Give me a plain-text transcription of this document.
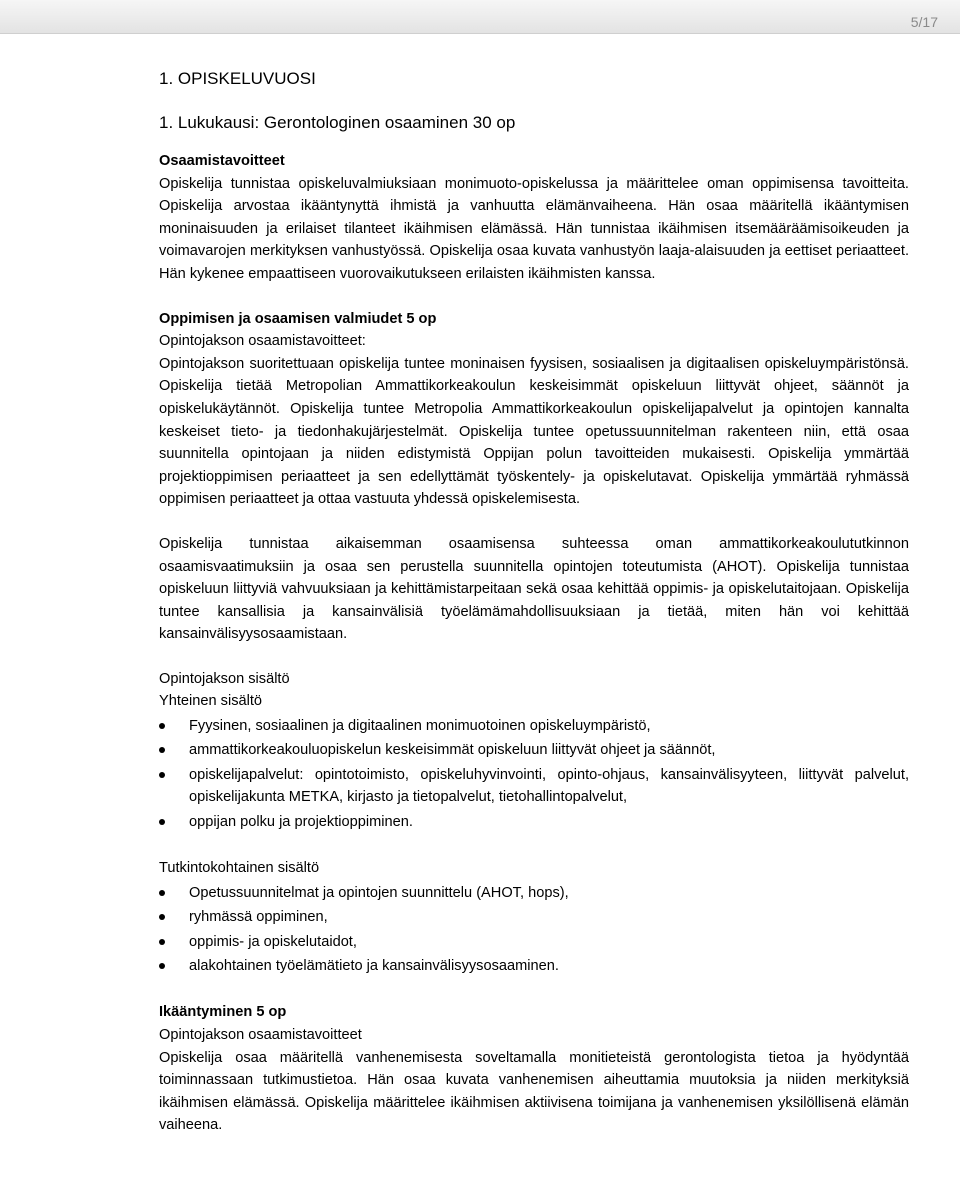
5/17
1. OPISKELUVUOSI
1. Lukukausi: Gerontologinen osaaminen 30 op
Osaamistavoitteet

Opiskelija tunnistaa opiskeluvalmiuksiaan monimuoto-opiskelussa ja määrittelee oman oppimisensa tavoitteita. Opiskelija arvostaa ikääntynyttä ihmistä ja vanhuutta elämänvaiheena. Hän osaa määritellä ikääntymisen moninaisuuden ja erilaiset tilanteet ikäihmisen elämässä. Hän tunnistaa ikäihmisen itsemääräämisoikeuden ja voimavarojen merkityksen vanhustyössä. Opiskelija osaa kuvata vanhustyön laaja-alaisuuden ja eettiset periaatteet. Hän kykenee empaattiseen vuorovaikutukseen erilaisten ikäihmisten kanssa.

Oppimisen ja osaamisen valmiudet 5 op
Opintojakson osaamistavoitteet:

Opintojakson suoritettuaan opiskelija tuntee moninaisen fyysisen, sosiaalisen ja digitaalisen opiskeluympäristönsä. Opiskelija tietää Metropolian Ammattikorkeakoulun keskeisimmät opiskeluun liittyvät ohjeet, säännöt ja opiskelukäytännöt. Opiskelija tuntee Metropolia Ammattikorkeakoulun opiskelijapalvelut ja opintojen kannalta keskeiset tieto- ja tiedonhakujärjestelmät. Opiskelija tuntee opetussuunnitelman rakenteen niin, että osaa suunnitella opintojaan ja niiden edistymistä Oppijan polun tavoitteiden mukaisesti. Opiskelija ymmärtää projektioppimisen periaatteet ja sen edellyttämät työskentely- ja opiskelutavat. Opiskelija ymmärtää ryhmässä oppimisen periaatteet ja ottaa vastuuta yhdessä opiskelemisesta.

Opiskelija tunnistaa aikaisemman osaamisensa suhteessa oman ammattikorkeakoulututkinnon osaamisvaatimuksiin ja osaa sen perustella suunnitella opintojen toteutumista (AHOT). Opiskelija tunnistaa opiskeluun liittyviä vahvuuksiaan ja kehittämistarpeitaan sekä osaa kehittää oppimis- ja opiskelutaitojaan. Opiskelija tuntee kansallisia ja kansainvälisiä työelämämahdollisuuksiaan ja tietää, miten hän voi kehittää kansainvälisyysosaamistaan.

Opintojakson sisältö
Yhteinen sisältö
Fyysinen, sosiaalinen ja digitaalinen monimuotoinen opiskeluympäristö,
ammattikorkeakouluopiskelun keskeisimmät opiskeluun liittyvät ohjeet ja säännöt,
opiskelijapalvelut: opintotoimisto, opiskeluhyvinvointi, opinto-ohjaus, kansainvälisyyteen, liittyvät palvelut, opiskelijakunta METKA, kirjasto ja tietopalvelut, tietohallintopalvelut,
oppijan polku ja projektioppiminen.
Tutkintokohtainen sisältö
Opetussuunnitelmat ja opintojen suunnittelu (AHOT, hops),
ryhmässä oppiminen,
oppimis- ja opiskelutaidot,
alakohtainen työelämätieto ja kansainvälisyysosaaminen.
Ikääntyminen 5 op
Opintojakson osaamistavoitteet

Opiskelija osaa määritellä vanhenemisesta soveltamalla monitieteistä gerontologista tietoa ja hyödyntää toiminnassaan tutkimustietoa. Hän osaa kuvata vanhenemisen aiheuttamia muutoksia ja niiden merkityksiä ikäihmisen elämässä. Opiskelija määrittelee ikäihmisen aktiivisena toimijana ja vanhenemisen yksilöllisenä elämän vaiheena.
